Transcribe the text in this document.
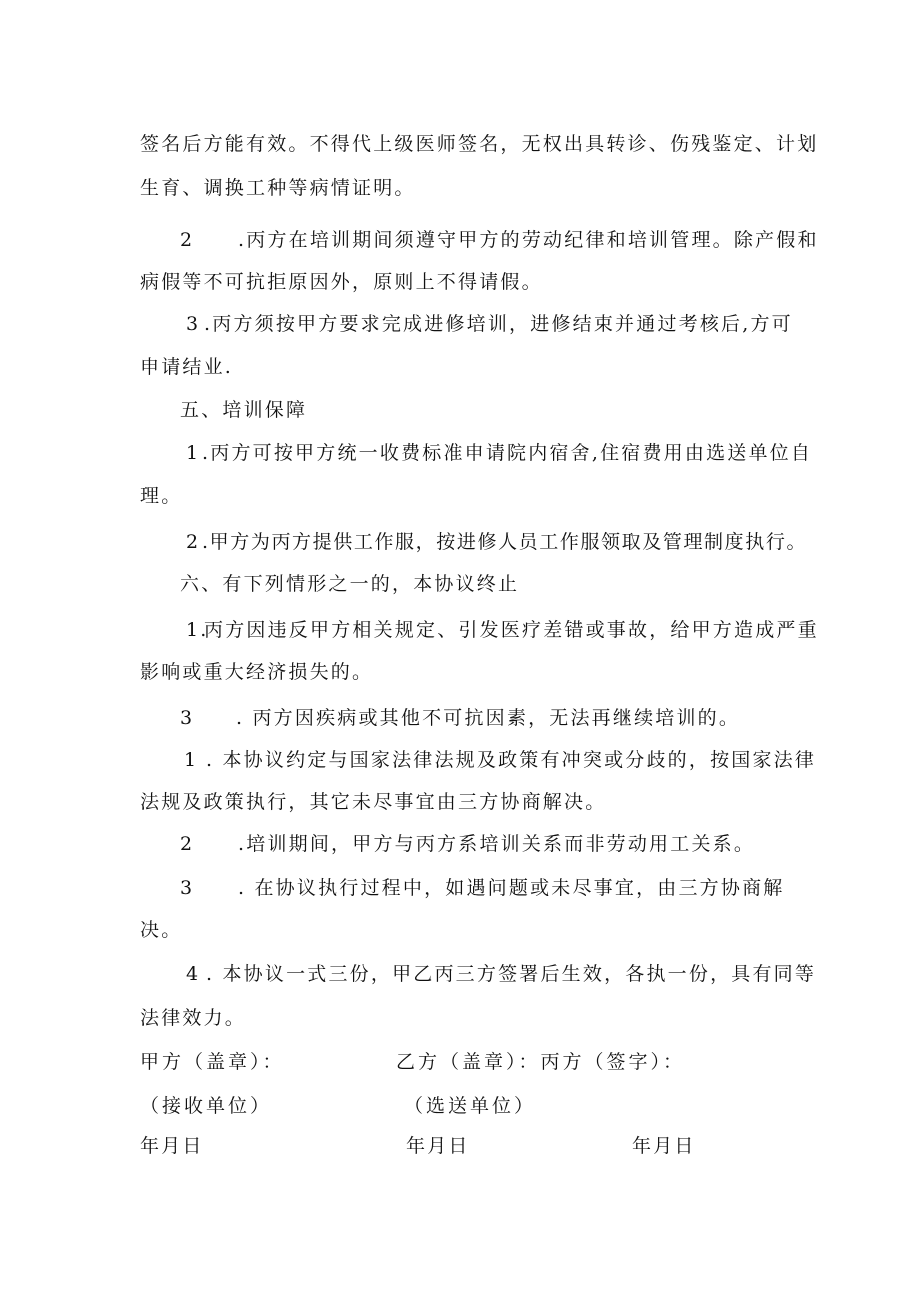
签名后方能有效。不得代上级医师签名，无权出具转诊、伤残鉴定、计划
生育、调换工种等病情证明。
2 .丙方在培训期间须遵守甲方的劳动纪律和培训管理。除产假和
病假等不可抗拒原因外，原则上不得请假。
3 .丙方须按甲方要求完成进修培训，进修结束并通过考核后,方可
申请结业.
五、培训保障
1 .丙方可按甲方统一收费标准申请院内宿舍,住宿费用由选送单位自
理。
2 .甲方为丙方提供工作服，按进修人员工作服领取及管理制度执行。
六、有下列情形之一的，本协议终止
1.
丙方因违反甲方相关规定、引发医疗差错或事故，给甲方造成严重
影响或重大经济损失的。
3 . 丙方因疾病或其他不可抗因素，无法再继续培训的。
1 . 本协议约定与国家法律法规及政策有冲突或分歧的，按国家法律
法规及政策执行，其它未尽事宜由三方协商解决。
2 .培训期间，甲方与丙方系培训关系而非劳动用工关系。
3 . 在协议执行过程中，如遇问题或未尽事宜，由三方协商解
决。
4 . 本协议一式三份，甲乙丙三方签署后生效，各执一份，具有同等
法律效力。
甲方（盖章）：	乙方（盖章）：丙方（签字）：
（接收单位）	（选送单位）
年月日	年月日	年月日
